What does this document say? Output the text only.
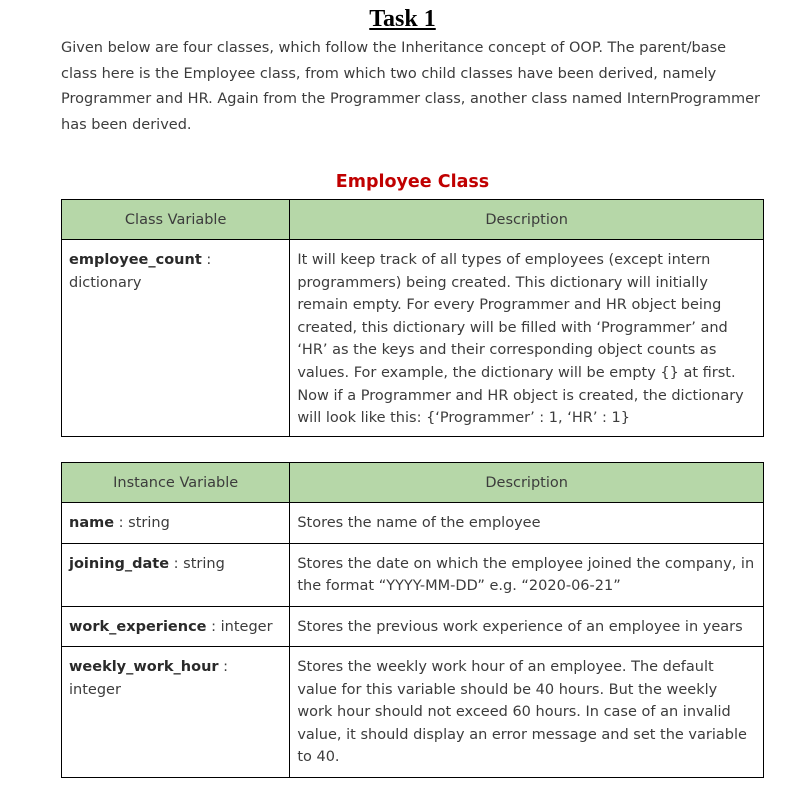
Task 1

Given below are four classes, which follow the Inheritance concept of OOP. The parent/base class here is the Employee class, from which two child classes have been derived, namely Programmer and HR. Again from the Programmer class, another class named InternProgrammer has been derived.

Employee Class
Class Variable	Description
employee_count : dictionary	It will keep track of all types of employees (except intern programmers) being created. This dictionary will initially remain empty. For every Programmer and HR object being created, this dictionary will be filled with ‘Programmer’ and ‘HR’ as the keys and their corresponding object counts as values. For example, the dictionary will be empty {} at first. Now if a Programmer and HR object is created, the dictionary will look like this: {‘Programmer’ : 1, ‘HR’ : 1}
Instance Variable	Description
name : string	Stores the name of the employee
joining_date : string	Stores the date on which the employee joined the company, in the format “YYYY-MM-DD” e.g. “2020-06-21”
work_experience : integer	Stores the previous work experience of an employee in years
weekly_work_hour : integer	Stores the weekly work hour of an employee. The default value for this variable should be 40 hours. But the weekly work hour should not exceed 60 hours. In case of an invalid value, it should display an error message and set the variable to 40.
